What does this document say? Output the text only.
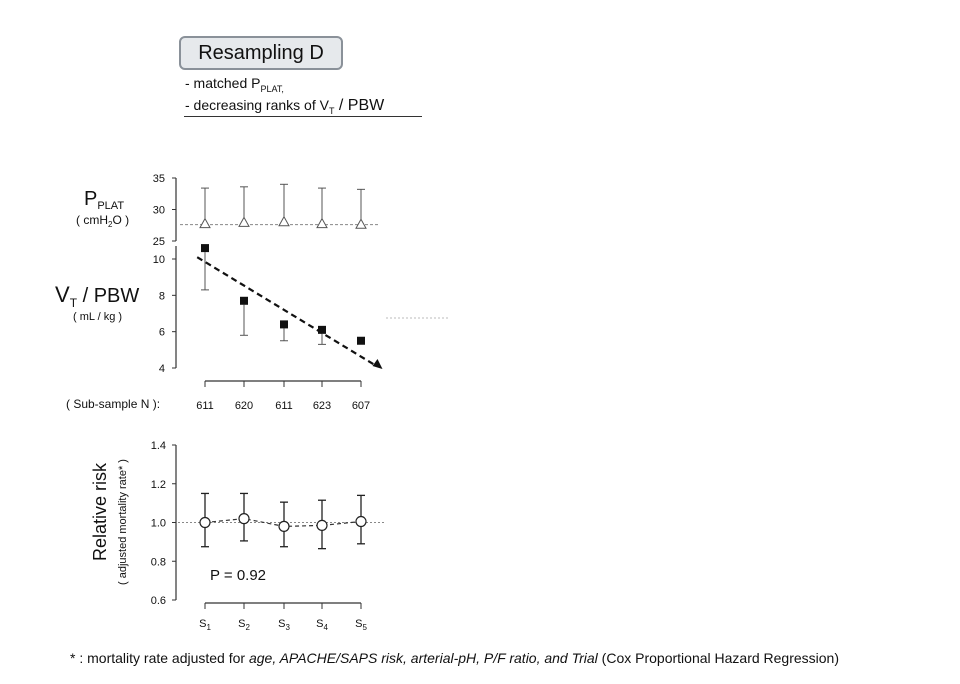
Resampling D
- matched $P_{PLAT,}$
- decreasing ranks of $V_T$ / PBW
25
30
35
$P_{PLAT}$
( cmH2O )
4
6
8
10
$V_T$ / PBW
( mL / kg )
( Sub-sample N ):	611 620 611 623 607
0.6
0.8
1.0
1.2
1.4
S1 S2	S3 S4 S5
P = 0.92
Relative risk ( adjusted mortality rate* )
* : mortality rate adjusted for age, APACHE/SAPS risk, arterial-pH, P/F ratio, and Trial (Cox Proportional Hazard Regression)
